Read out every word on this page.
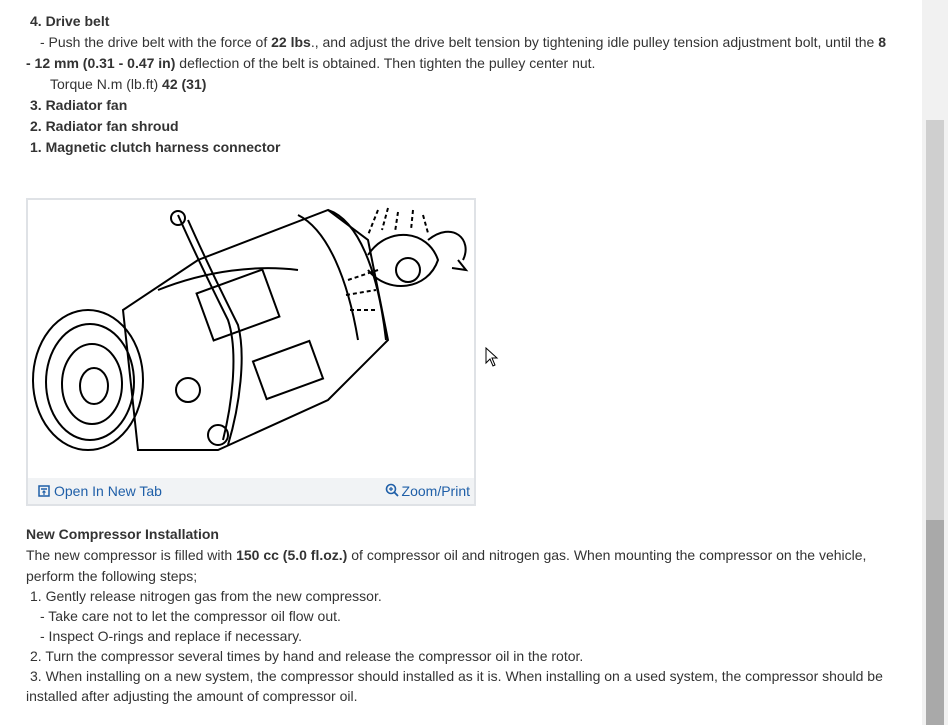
4. Drive belt
- Push the drive belt with the force of 22 lbs., and adjust the drive belt tension by tightening idle pulley tension adjustment bolt, until the 8
- 12 mm (0.31 - 0.47 in) deflection of the belt is obtained. Then tighten the pulley center nut.
Torque N.m (lb.ft) 42 (31)
3. Radiator fan
2. Radiator fan shroud
1. Magnetic clutch harness connector
Open In New Tab	Zoom/Print
New Compressor Installation
The new compressor is filled with 150 cc (5.0 fl.oz.) of compressor oil and nitrogen gas. When mounting the compressor on the vehicle,
perform the following steps;
1. Gently release nitrogen gas from the new compressor.
- Take care not to let the compressor oil flow out.
- Inspect O-rings and replace if necessary.
2. Turn the compressor several times by hand and release the compressor oil in the rotor.
3. When installing on a new system, the compressor should installed as it is. When installing on a used system, the compressor should be
installed after adjusting the amount of compressor oil.
